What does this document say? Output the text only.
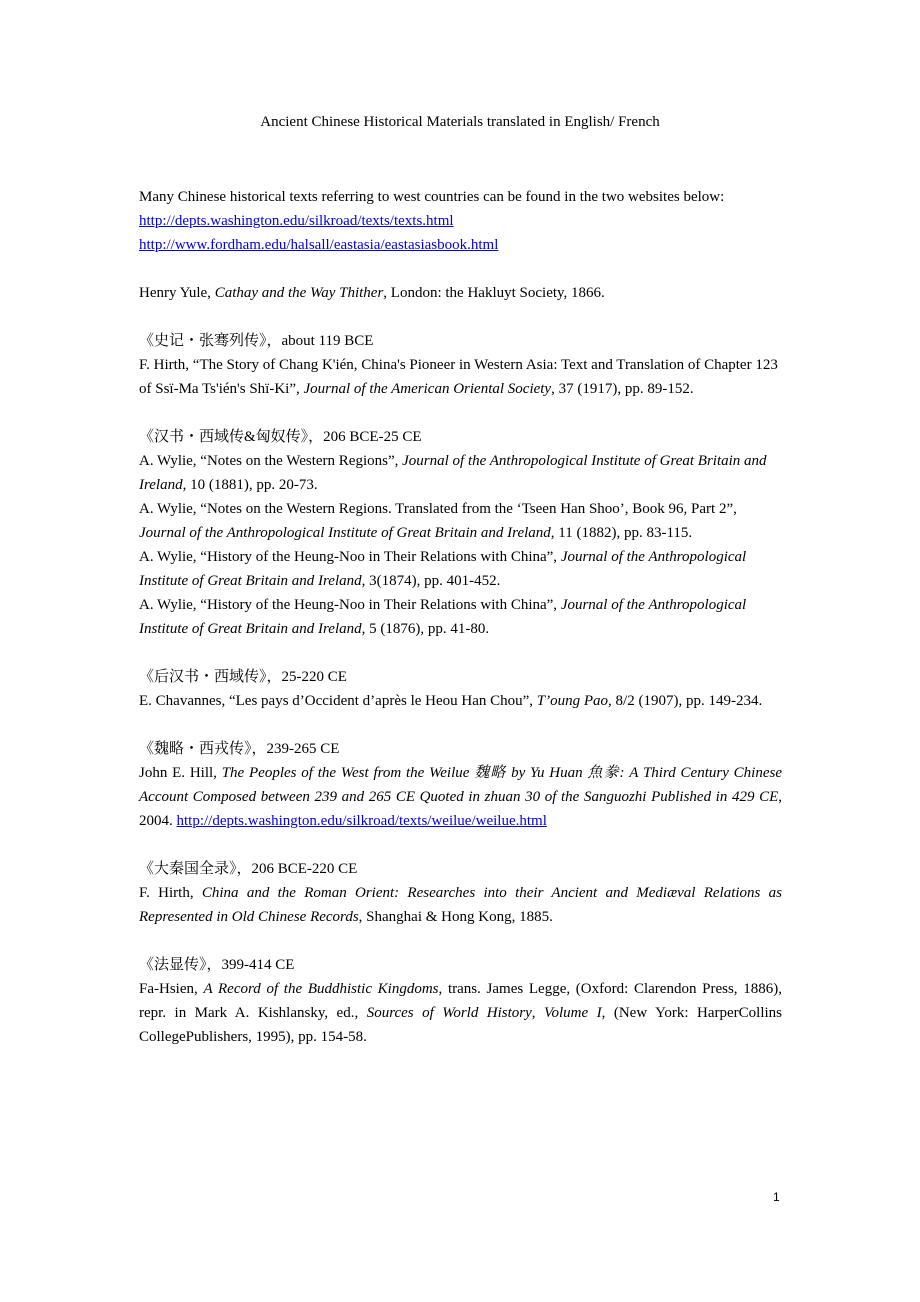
Ancient Chinese Historical Materials translated in English/ French

Many Chinese historical texts referring to west countries can be found in the two websites below:

http://depts.washington.edu/silkroad/texts/texts.html

http://www.fordham.edu/halsall/eastasia/eastasiasbook.html

Henry Yule, Cathay and the Way Thither, London: the Hakluyt Society, 1866.

《史记・张骞列传》，about 119 BCE

F. Hirth, “The Story of Chang K'ién, China's Pioneer in Western Asia: Text and Translation of Chapter 123 of Ssï-Ma Ts'ién's Shï-Ki”, Journal of the American Oriental Society, 37 (1917), pp. 89-152.

《汉书・西域传&匈奴传》，206 BCE-25 CE

A. Wylie, “Notes on the Western Regions”, Journal of the Anthropological Institute of Great Britain and Ireland, 10 (1881), pp. 20-73.

A. Wylie, “Notes on the Western Regions. Translated from the ‘Tseen Han Shoo’, Book 96, Part 2”, Journal of the Anthropological Institute of Great Britain and Ireland, 11 (1882), pp. 83-115.

A. Wylie, “History of the Heung-Noo in Their Relations with China”, Journal of the Anthropological Institute of Great Britain and Ireland, 3(1874), pp. 401-452.

A. Wylie, “History of the Heung-Noo in Their Relations with China”, Journal of the Anthropological Institute of Great Britain and Ireland, 5 (1876), pp. 41-80.

《后汉书・西域传》，25-220 CE

E. Chavannes, “Les pays d’Occident d’après le Heou Han Chou”, T’oung Pao, 8/2 (1907), pp. 149-234.

《魏略・西戎传》，239-265 CE

John E. Hill, The Peoples of the West from the Weilue 魏略 by Yu Huan 魚豢: A Third Century Chinese Account Composed between 239 and 265 CE Quoted in zhuan 30 of the Sanguozhi Published in 429 CE, 2004. http://depts.washington.edu/silkroad/texts/weilue/weilue.html

《大秦国全录》，206 BCE-220 CE

F. Hirth, China and the Roman Orient: Researches into their Ancient and Mediæval Relations as Represented in Old Chinese Records, Shanghai & Hong Kong, 1885.

《法显传》，399-414 CE

Fa-Hsien, A Record of the Buddhistic Kingdoms, trans. James Legge, (Oxford: Clarendon Press, 1886), repr. in Mark A. Kishlansky, ed., Sources of World History, Volume I, (New York: HarperCollins CollegePublishers, 1995), pp. 154-58.

1
